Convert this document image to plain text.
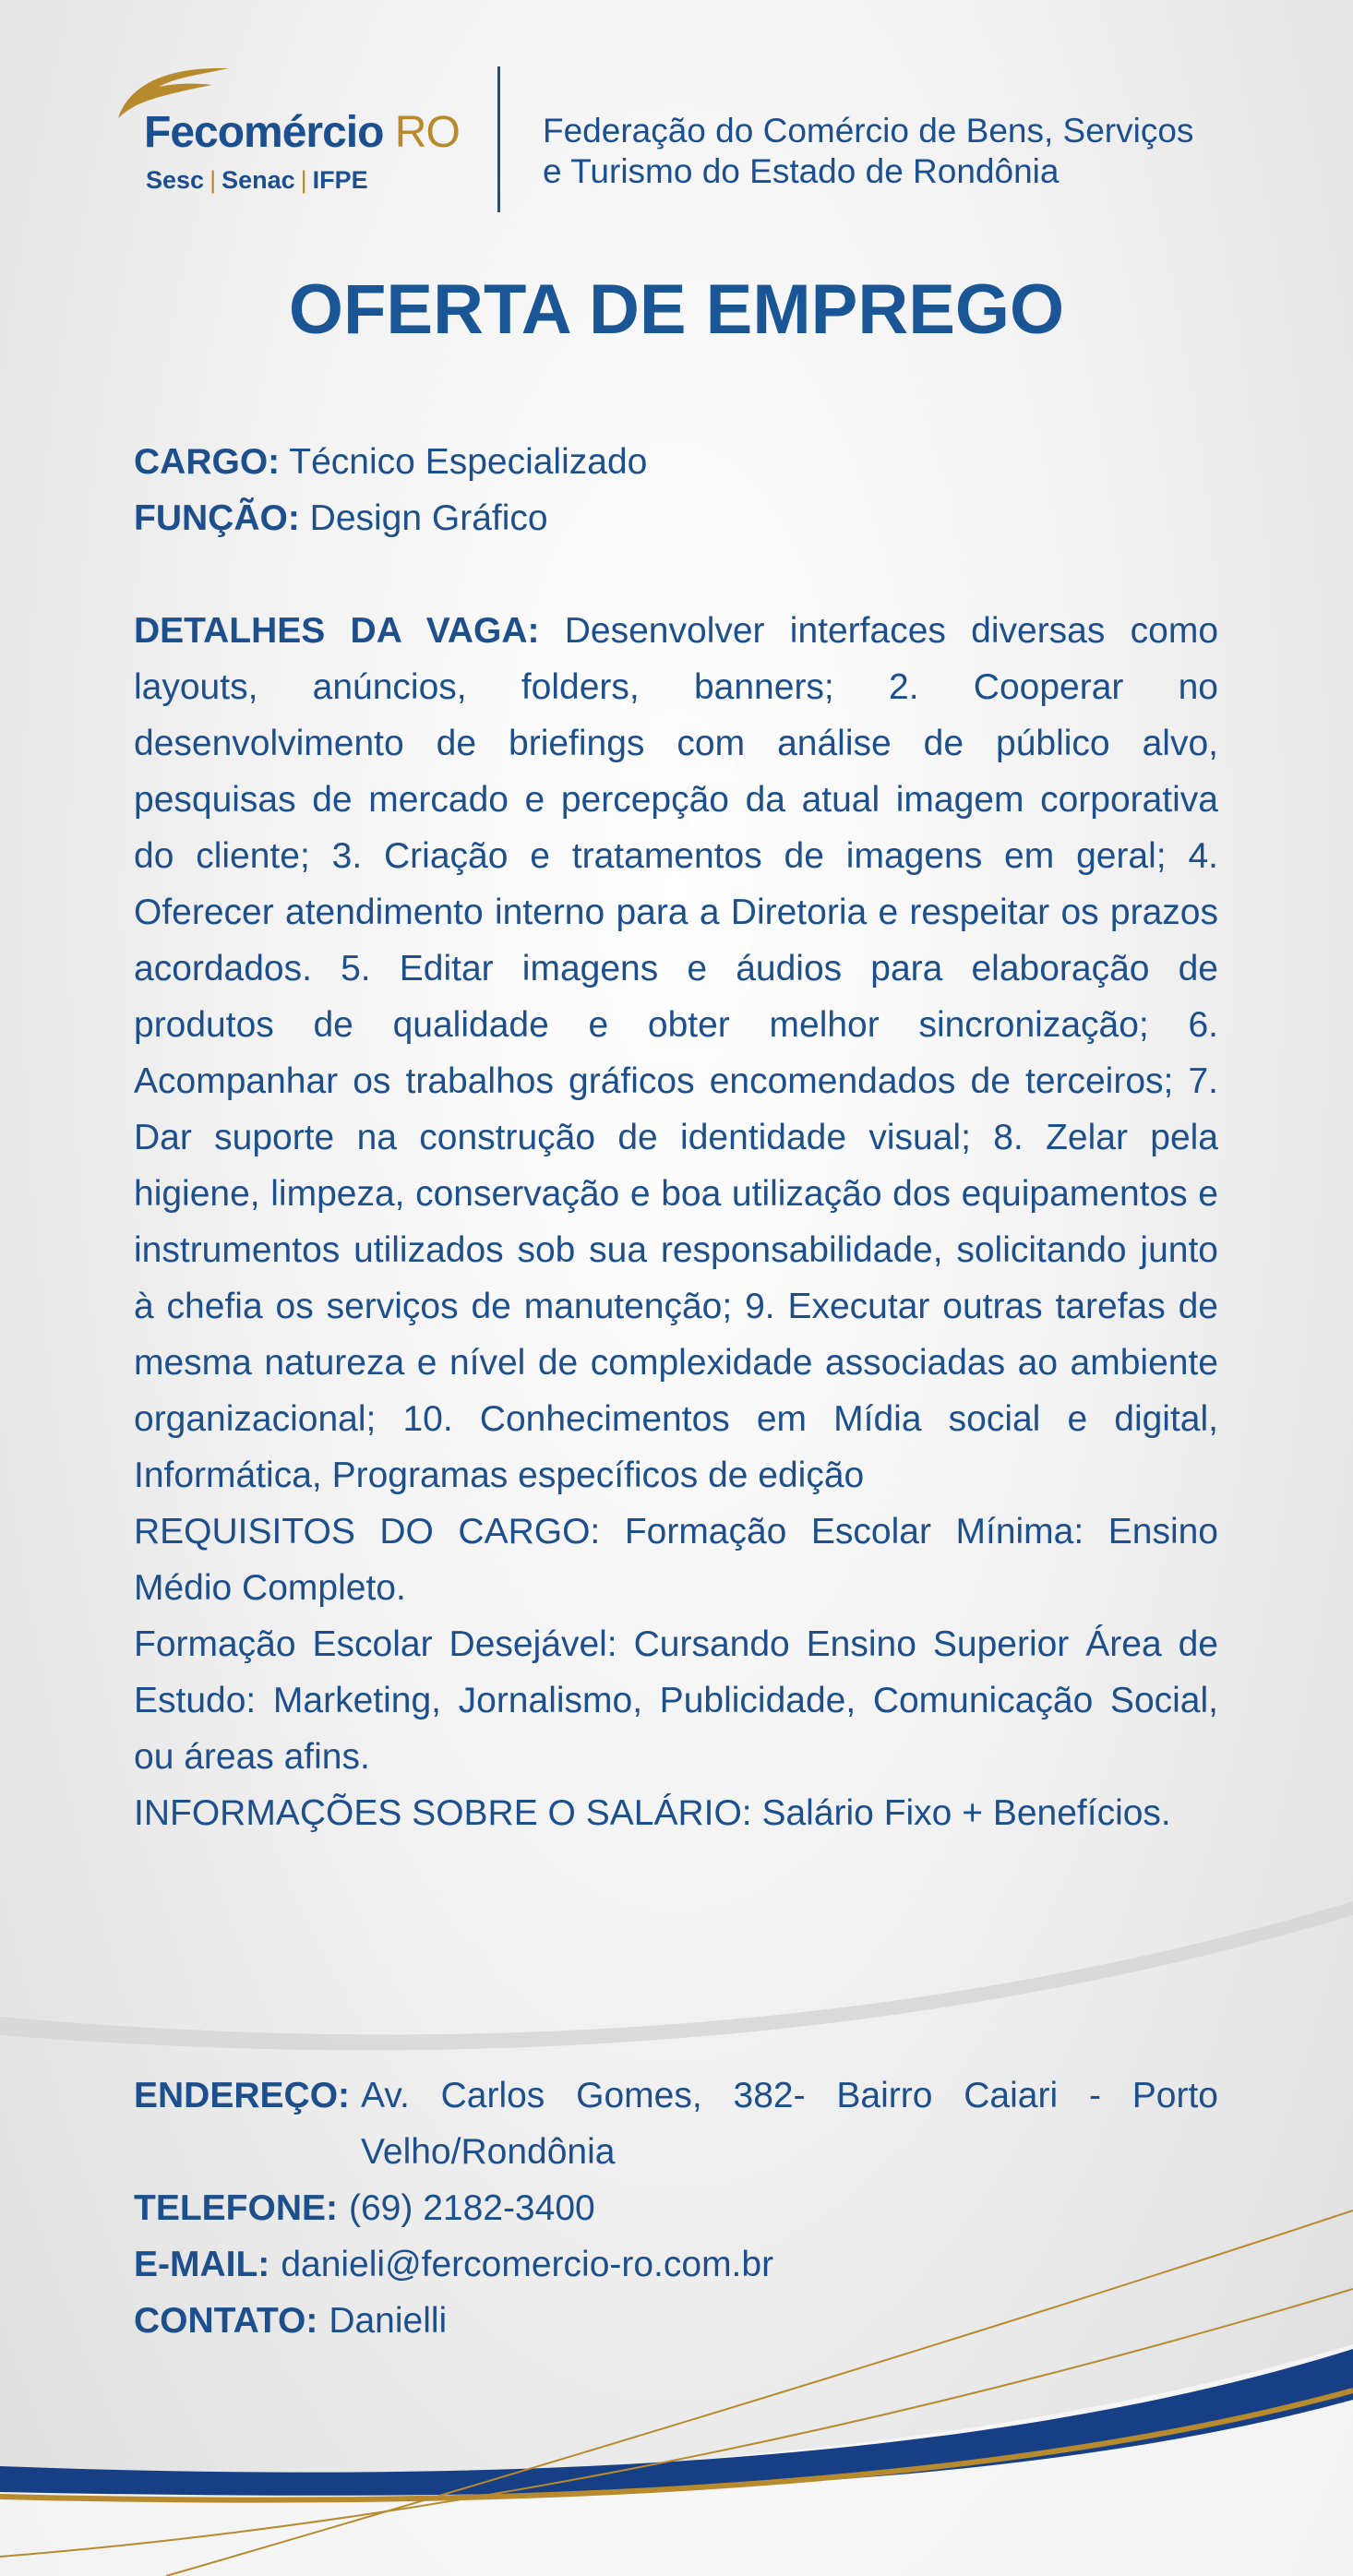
Fecomércio RO
Sesc | Senac | IFPE
Federação do Comércio de Bens, Serviços
e Turismo do Estado de Rondônia
OFERTA DE EMPREGO

CARGO: Técnico Especializado

FUNÇÃO: Design Gráfico

DETALHES DA VAGA: Desenvolver interfaces diversas como layouts, anúncios, folders, banners; 2. Cooperar no desenvolvimento de briefings com análise de público alvo, pesquisas de mercado e percepção da atual imagem corporativa do cliente; 3. Criação e tratamentos de imagens em geral; 4. Oferecer atendimento interno para a Diretoria e respeitar os prazos acordados. 5. Editar imagens e áudios para elaboração de produtos de qualidade e obter melhor sincronização; 6. Acompanhar os trabalhos gráficos encomendados de terceiros; 7. Dar suporte na construção de identidade visual; 8. Zelar pela higiene, limpeza, conservação e boa utilização dos equipamentos e instrumentos utilizados sob sua responsabilidade, solicitando junto à chefia os serviços de manutenção; 9. Executar outras tarefas de mesma natureza e nível de complexidade associadas ao ambiente organizacional; 10. Conhecimentos em Mídia social e digital, Informática, Programas específicos de edição

REQUISITOS DO CARGO: Formação Escolar Mínima: Ensino Médio Completo.

Formação Escolar Desejável: Cursando Ensino Superior Área de Estudo: Marketing, Jornalismo, Publicidade, Comunicação Social, ou áreas afins.

INFORMAÇÕES SOBRE O SALÁRIO: Salário Fixo + Benefícios.

ENDEREÇO: Av. Carlos Gomes, 382- Bairro Caiari - Porto Velho/Rondônia
TELEFONE: (69) 2182-3400
E-MAIL: danieli@fercomercio-ro.com.br
CONTATO: Danielli
